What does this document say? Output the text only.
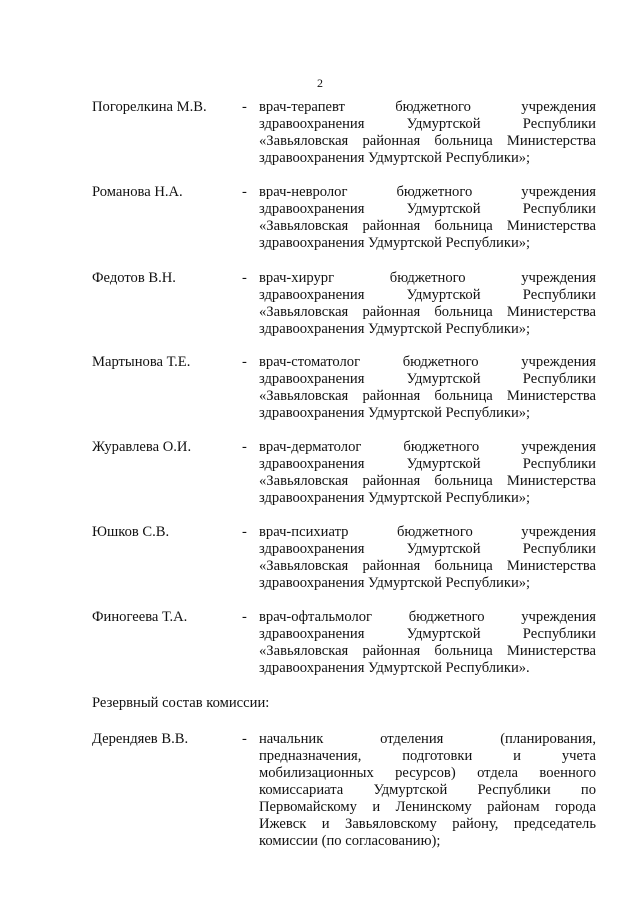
2
Погорелкина М.В. - врач-терапевт бюджетного учреждения
здравоохранения Удмуртской Республики
«Завьяловская районная больница Министерства
здравоохранения Удмуртской Республики»;
Романова Н.А.	- врач-невролог бюджетного учреждения
здравоохранения Удмуртской Республики
«Завьяловская районная больница Министерства
здравоохранения Удмуртской Республики»;
Федотов В.Н.	- врач-хирург бюджетного учреждения
здравоохранения Удмуртской Республики
«Завьяловская районная больница Министерства
здравоохранения Удмуртской Республики»;
Мартынова Т.Е.	- врач-стоматолог бюджетного учреждения
здравоохранения Удмуртской Республики
«Завьяловская районная больница Министерства
здравоохранения Удмуртской Республики»;
Журавлева О.И.	- врач-дерматолог бюджетного учреждения
здравоохранения Удмуртской Республики
«Завьяловская районная больница Министерства
здравоохранения Удмуртской Республики»;
Юшков С.В.	- врач-психиатр бюджетного учреждения
здравоохранения Удмуртской Республики
«Завьяловская районная больница Министерства
здравоохранения Удмуртской Республики»;
Финогеева Т.А.	- врач-офтальмолог бюджетного учреждения
здравоохранения Удмуртской Республики
«Завьяловская районная больница Министерства
здравоохранения Удмуртской Республики».
Резервный состав комиссии:
Дерендяев В.В.	- начальник отделения (планирования,
предназначения, подготовки и учета
мобилизационных ресурсов) отдела военного
комиссариата Удмуртской Республики по
Первомайскому и Ленинскому районам города
Ижевск и Завьяловскому району, председатель
комиссии (по согласованию);
